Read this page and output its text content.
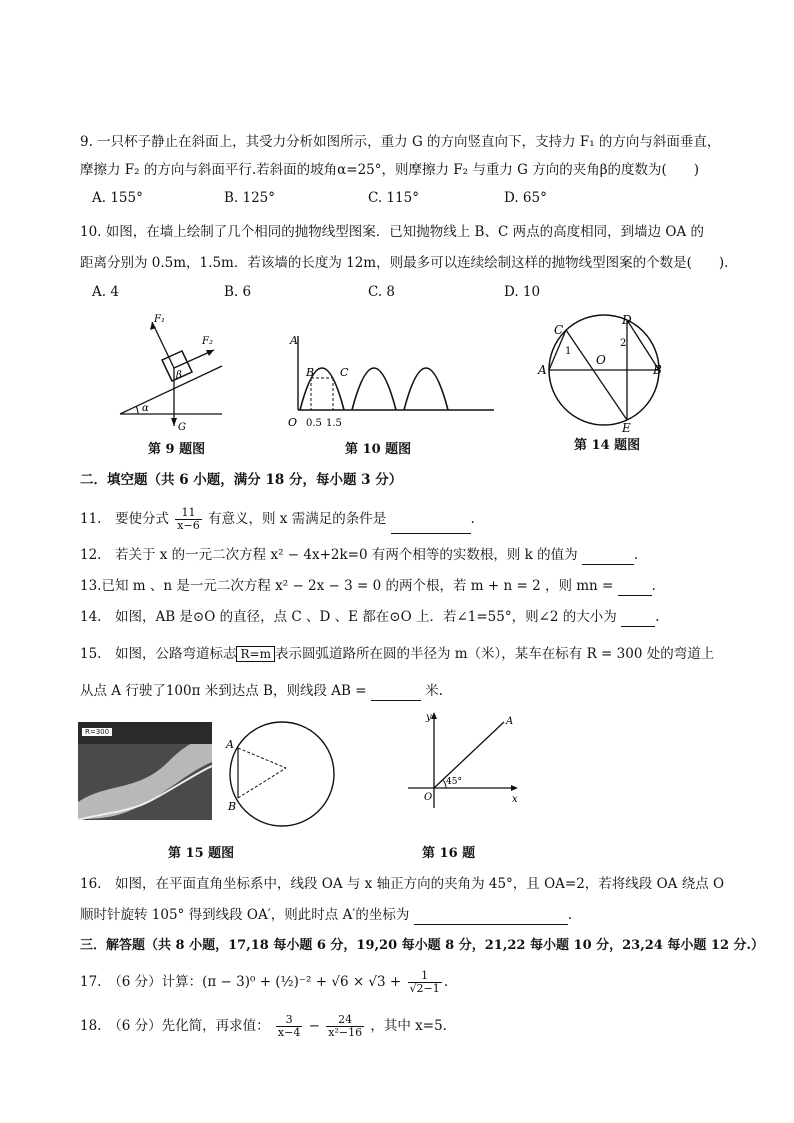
9. 一只杯子静止在斜面上，其受力分析如图所示，重力 G 的方向竖直向下，支持力 F₁ 的方向与斜面垂直，
摩擦力 F₂ 的方向与斜面平行.若斜面的坡角α=25°，则摩擦力 F₂ 与重力 G 方向的夹角β的度数为(　　)
A. 155°	B. 125°	C. 115°	D. 65°
10. 如图，在墙上绘制了几个相同的抛物线型图案．已知抛物线上 B、C 两点的高度相同，到墙边 OA 的
距离分别为 0.5m，1.5m．若该墙的长度为 12m，则最多可以连续绘制这样的抛物线型图案的个数是(　　).
A. 4	B. 6	C. 8	D. 10
F₁
F₂
β
α
G
第 9 题图
A
B C
O 0.5 1.5
第 10 题图
C
D
A	B
O
E
1
2
第 14 题图
二．填空题（共 6 小题，满分 18 分，每小题 3 分）
11.　要使分式 $\frac{11}{x-6}$ 有意义，则 x 需满足的条件是	.
12.　若关于 x 的一元二次方程 x² − 4x+2k=0 有两个相等的实数根，则 k 的值为	.
13.已知 m 、n 是一元二次方程 x² − 2x − 3 = 0 的两个根，若 m + n = 2 ，则 mn =	.
14.　如图，AB 是⊙O 的直径，点 C 、D 、E 都在⊙O 上．若∠1=55°，则∠2 的大小为	.
15.　如图，公路弯道标志 R=m 表示圆弧道路所在圆的半径为 m（米），某车在标有 R = 300 处的弯道上
从点 A 行驶了100π 米到达点 B，则线段 AB =	米.
R=300
A
B
第 15 题图
y
x
O
A
45°
第 16 题
16.　如图，在平面直角坐标系中，线段 OA 与 x 轴正方向的夹角为 45°，且 OA=2，若将线段 OA 绕点 O
顺时针旋转 105° 得到线段 OA′，则此时点 A′的坐标为	.
三．解答题（共 8 小题，17,18 每小题 6 分，19,20 每小题 8 分，21,22 每小题 10 分，23,24 每小题 12 分.）
17.　（6 分）计算：(π − 3)⁰ + (½)⁻² + $√6 \times √3 + \frac{1}{√2-1}$ .
18.　（6 分）先化简，再求值： $\frac{3}{x-4} - \frac{24}{\text{x²−16}}$ ，其中 x=5.
